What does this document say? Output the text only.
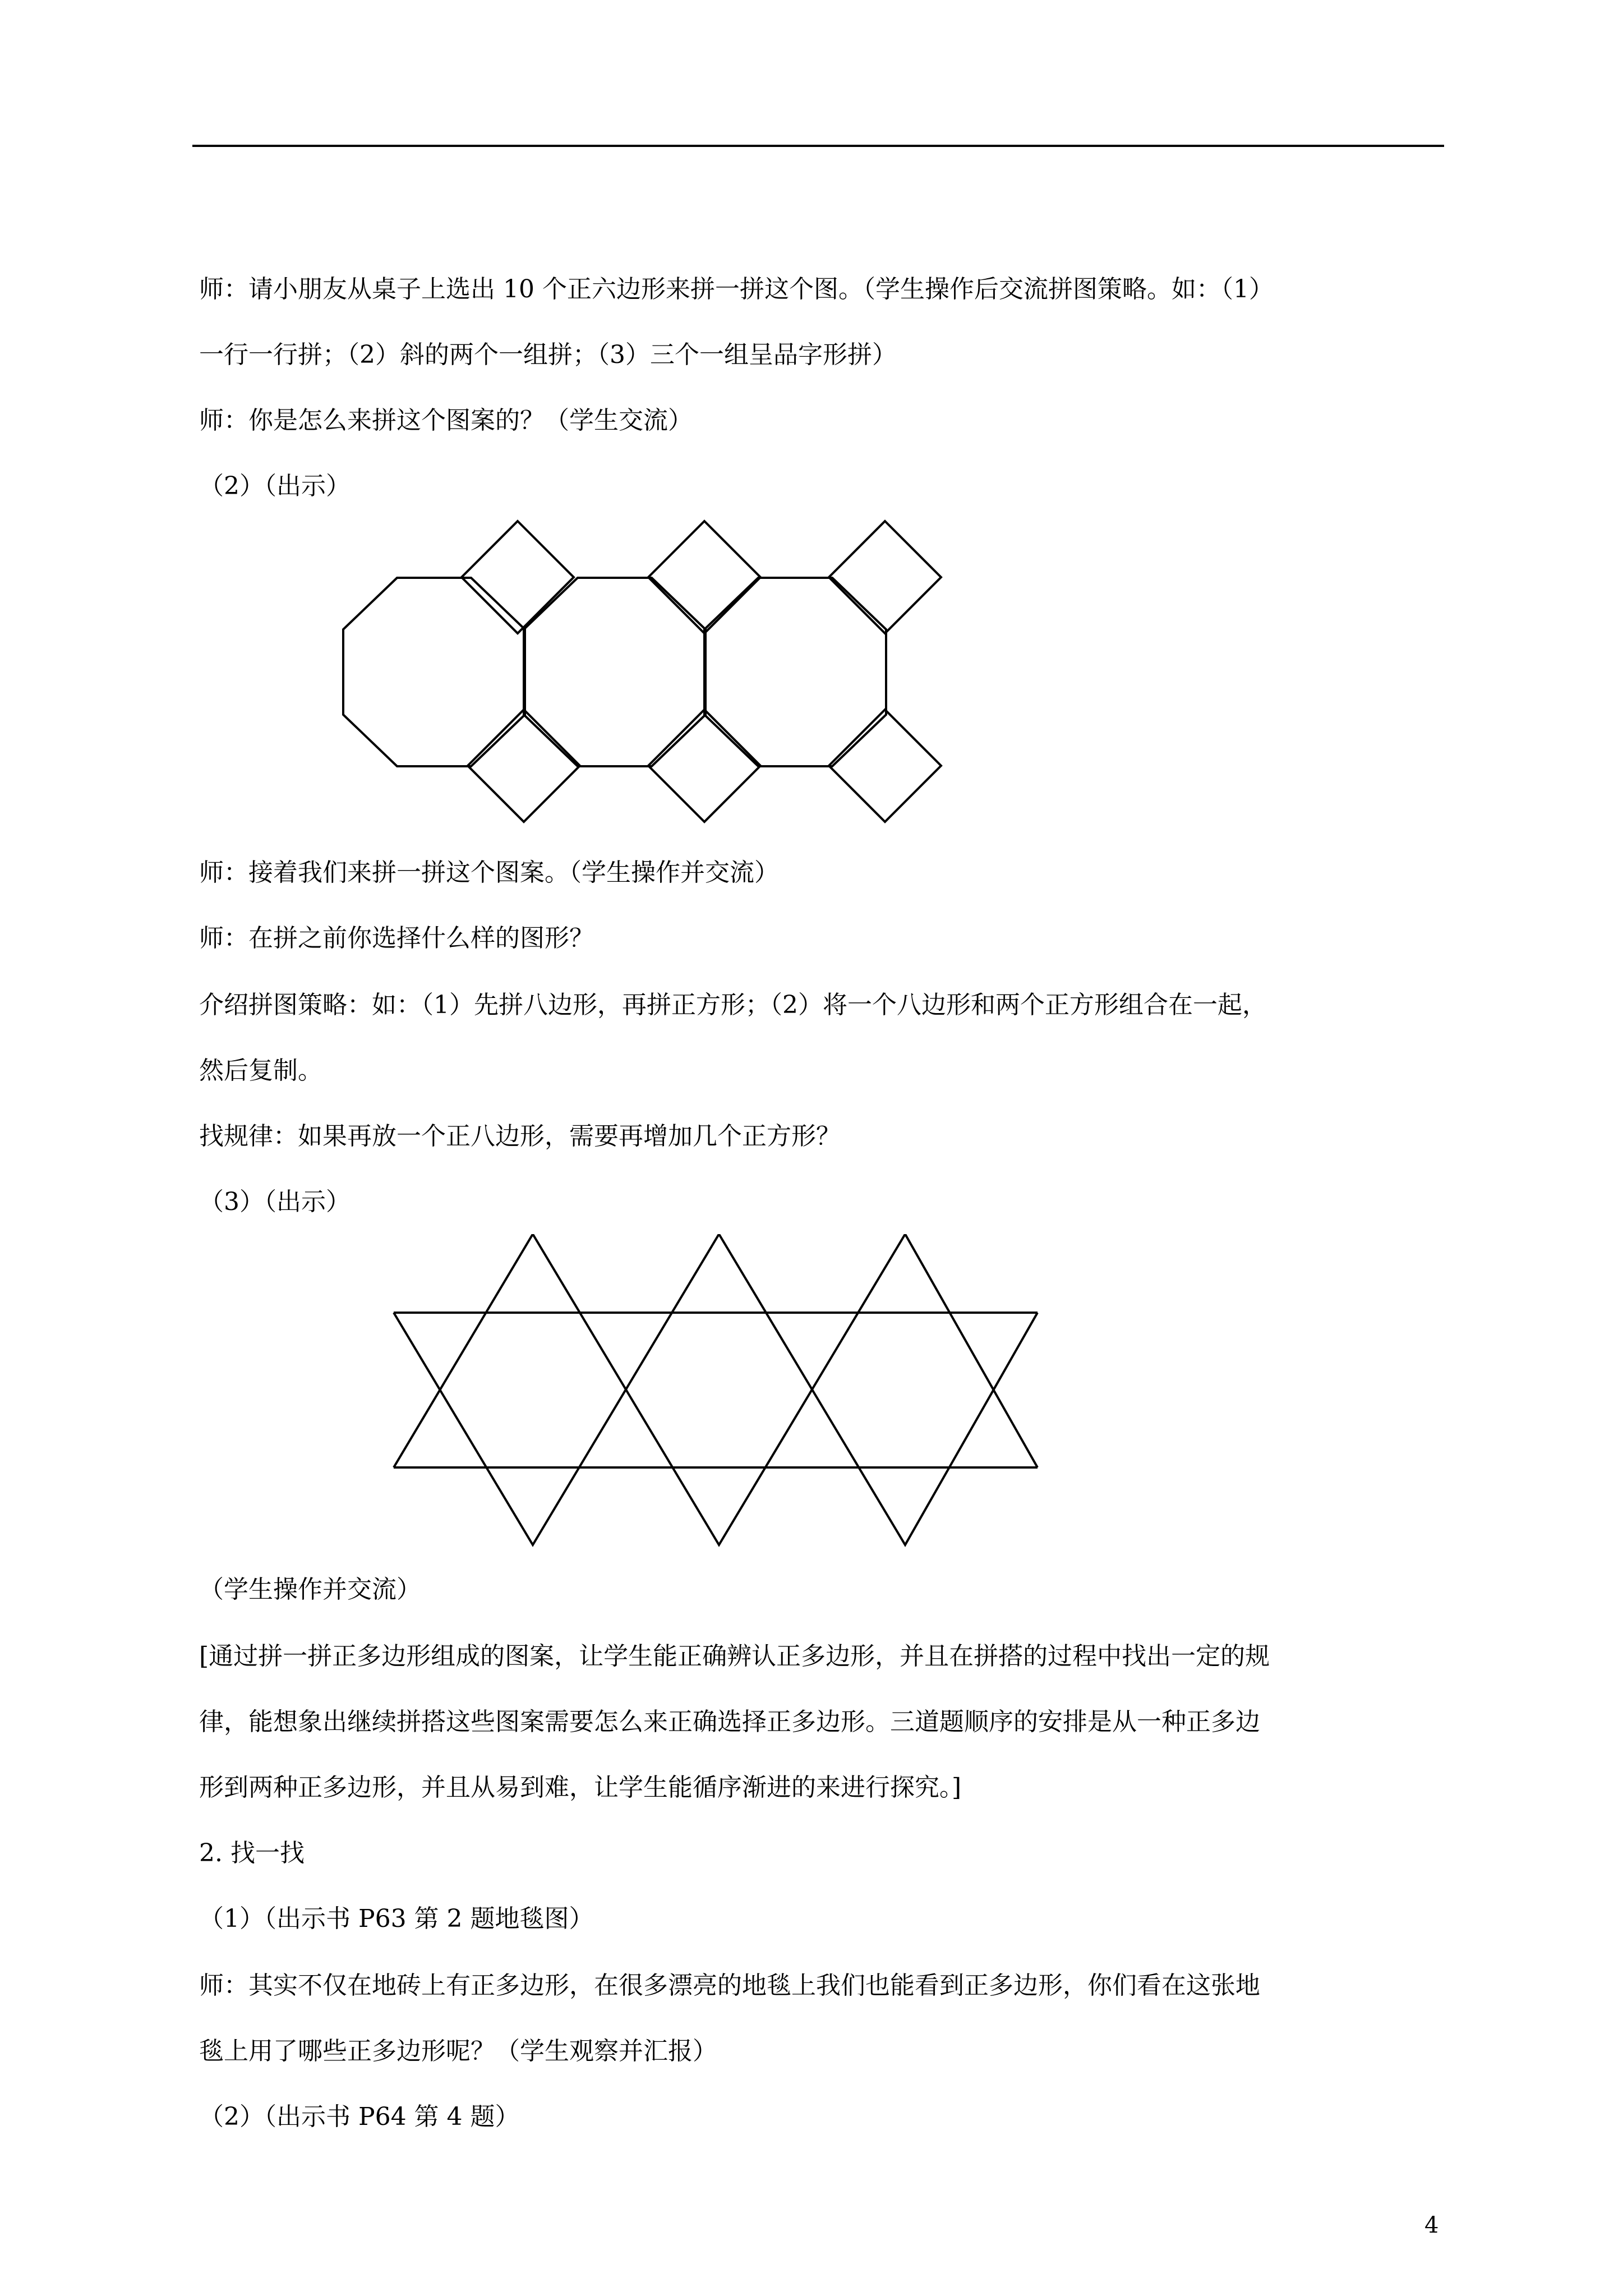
师：请小朋友从桌子上选出 10 个正六边形来拼一拼这个图。（学生操作后交流拼图策略。如：（1）
一行一行拼；（2）斜的两个一组拼；（3）三个一组呈品字形拼）
师：你是怎么来拼这个图案的？（学生交流）
（2）（出示）
师：接着我们来拼一拼这个图案。（学生操作并交流）
师：在拼之前你选择什么样的图形？
介绍拼图策略：如：（1）先拼八边形，再拼正方形；（2）将一个八边形和两个正方形组合在一起，
然后复制。
找规律：如果再放一个正八边形，需要再增加几个正方形？
（3）（出示）
（学生操作并交流）
[通过拼一拼正多边形组成的图案，让学生能正确辨认正多边形，并且在拼搭的过程中找出一定的规
律，能想象出继续拼搭这些图案需要怎么来正确选择正多边形。三道题顺序的安排是从一种正多边
形到两种正多边形，并且从易到难，让学生能循序渐进的来进行探究。]
2. 找一找
（1）（出示书 P63 第 2 题地毯图）
师：其实不仅在地砖上有正多边形，在很多漂亮的地毯上我们也能看到正多边形，你们看在这张地
毯上用了哪些正多边形呢？（学生观察并汇报）
（2）（出示书 P64 第 4 题）
4
